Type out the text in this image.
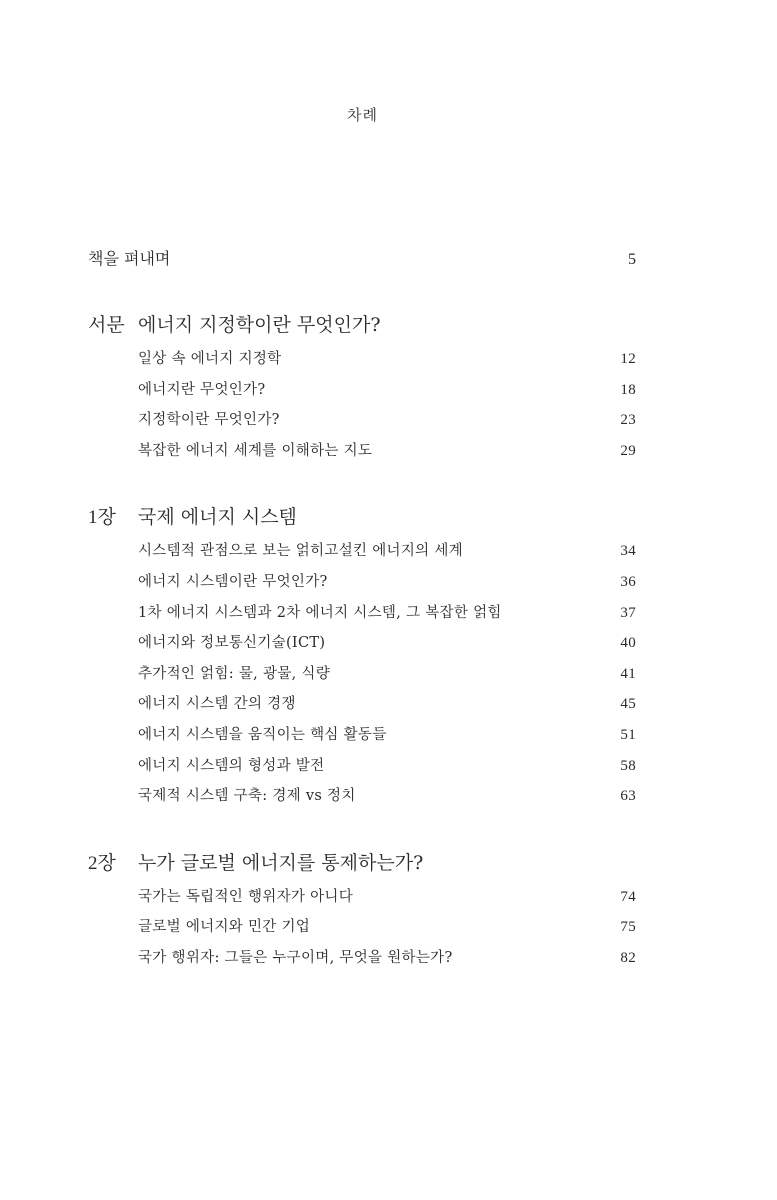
차례
책을 펴내며	5
서문 에너지 지정학이란 무엇인가?
일상 속 에너지 지정학	12
에너지란 무엇인가?	18
지정학이란 무엇인가?	23
복잡한 에너지 세계를 이해하는 지도	29
1장	국제 에너지 시스템
시스템적 관점으로 보는 얽히고설킨 에너지의 세계	34
에너지 시스템이란 무엇인가?	36
1차 에너지 시스템과 2차 에너지 시스템, 그 복잡한 얽힘	37
에너지와 정보통신기술(ICT)	40
추가적인 얽힘: 물, 광물, 식량	41
에너지 시스템 간의 경쟁	45
에너지 시스템을 움직이는 핵심 활동들	51
에너지 시스템의 형성과 발전	58
국제적 시스템 구축: 경제 vs 정치	63
2장	누가 글로벌 에너지를 통제하는가?
국가는 독립적인 행위자가 아니다	74
글로벌 에너지와 민간 기업	75
국가 행위자: 그들은 누구이며, 무엇을 원하는가?	82
